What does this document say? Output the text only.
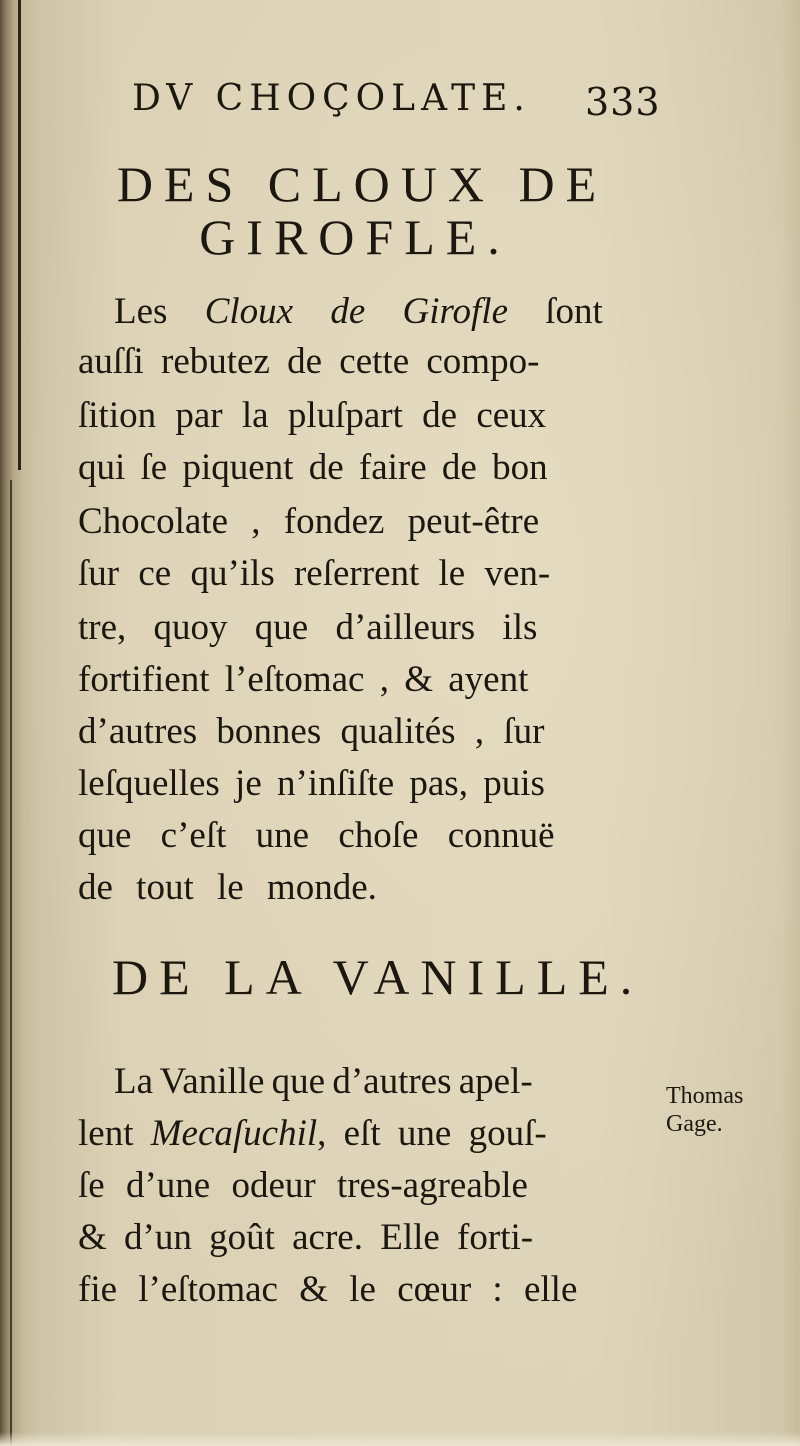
DV CHOÇOLATE. 333
DES CLOUX DE
GIROFLE.
Les Cloux de Girofle ſont
auſſi rebutez de cette compo-
ſition par la pluſpart de ceux
qui ſe piquent de faire de bon
Chocolate , fondez peut-être
ſur ce qu’ils reſerrent le ven-
tre, quoy que d’ailleurs ils
fortifient l’eſtomac , & ayent
d’autres bonnes qualités , ſur
leſquelles je n’inſiſte pas, puis
que c’eſt une choſe connuë
de tout le monde.
DE LA VANILLE.
La Vanille que d’autres apel-
lent Mecaſuchil, eſt une gouſ-
ſe d’une odeur tres-agreable
& d’un goût acre. Elle forti-
fie l’eſtomac & le cœur : elle
Thomas
Gage.
